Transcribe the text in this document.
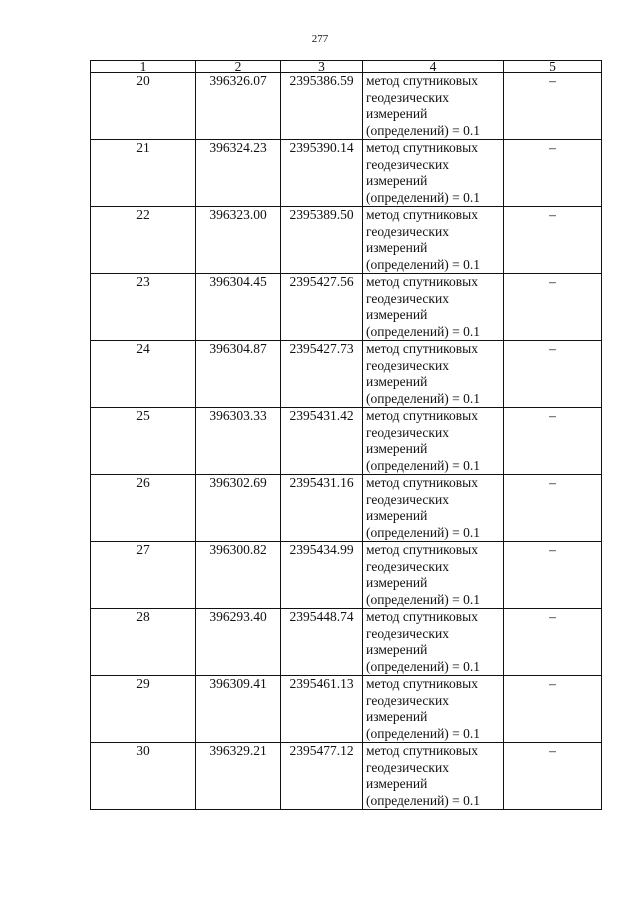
277
1	2	3	4	5
20	396326.07	2395386.59	метод спутниковых
геодезических
измерений
(определений) = 0.1	–
21	396324.23	2395390.14	метод спутниковых
геодезических
измерений
(определений) = 0.1	–
22	396323.00	2395389.50	метод спутниковых
геодезических
измерений
(определений) = 0.1	–
23	396304.45	2395427.56	метод спутниковых
геодезических
измерений
(определений) = 0.1	–
24	396304.87	2395427.73	метод спутниковых
геодезических
измерений
(определений) = 0.1	–
25	396303.33	2395431.42	метод спутниковых
геодезических
измерений
(определений) = 0.1	–
26	396302.69	2395431.16	метод спутниковых
геодезических
измерений
(определений) = 0.1	–
27	396300.82	2395434.99	метод спутниковых
геодезических
измерений
(определений) = 0.1	–
28	396293.40	2395448.74	метод спутниковых
геодезических
измерений
(определений) = 0.1	–
29	396309.41	2395461.13	метод спутниковых
геодезических
измерений
(определений) = 0.1	–
30	396329.21	2395477.12	метод спутниковых
геодезических
измерений
(определений) = 0.1	–
